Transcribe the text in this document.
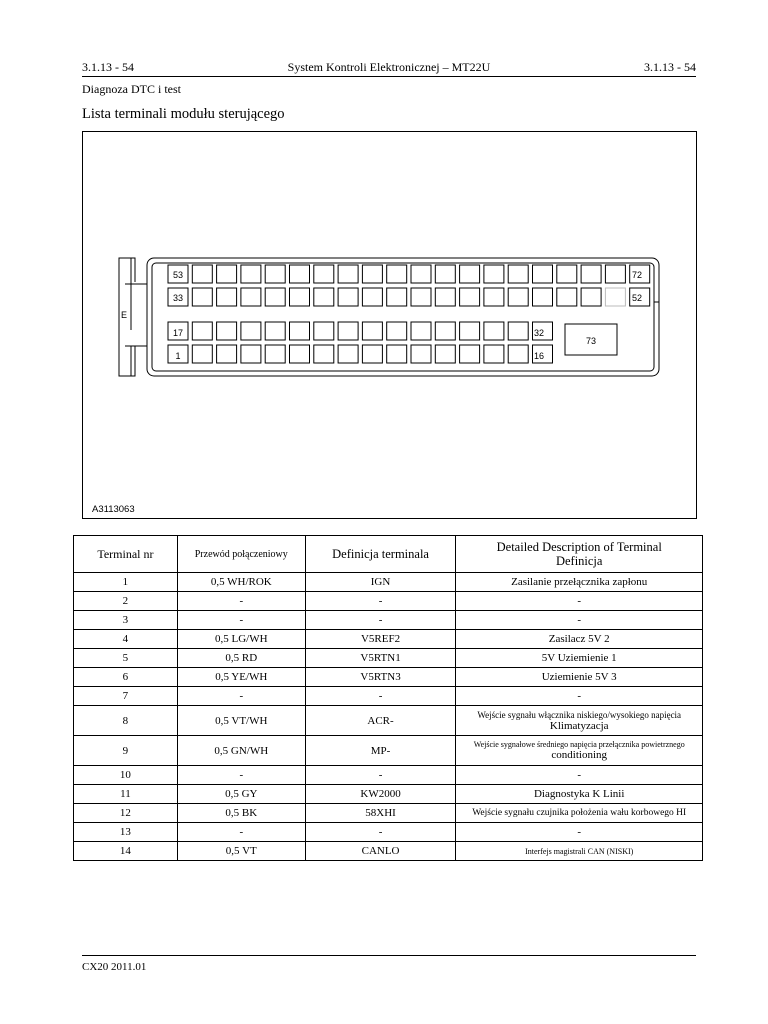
3.1.13 - 54	System Kontroli Elektronicznej – MT22U	3.1.13 - 54
Diagnoza DTC i test
Lista terminali modułu sterującego
E
53	72
33	52
17	32
1	16
73
A3113063
Terminal nr	Przewód połączeniowy	Definicja terminala	Detailed Description of Terminal
Definicja
1	0,5 WH/ROK	IGN	Zasilanie przełącznika zapłonu
2	-	-	-
3	-	-	-
4	0,5 LG/WH	V5REF2	Zasilacz 5V 2
5	0,5 RD	V5RTN1	5V Uziemienie 1
6	0,5 YE/WH	V5RTN3	Uziemienie 5V 3
7	-	-	-
8	0,5 VT/WH	ACR-	Wejście sygnału włącznika niskiego/wysokiego napięcia
Klimatyzacja

9	0,5 GN/WH	MP-	Wejście sygnałowe średniego napięcia przełącznika powietrznego
conditioning

10	-	-	-
11	0,5 GY	KW2000	Diagnostyka K Linii
12	0,5 BK	58XHI	Wejście sygnału czujnika położenia wału korbowego HI
13	-	-	-
14	0,5 VT	CANLO	Interfejs magistrali CAN (NISKI)
CX20 2011.01
